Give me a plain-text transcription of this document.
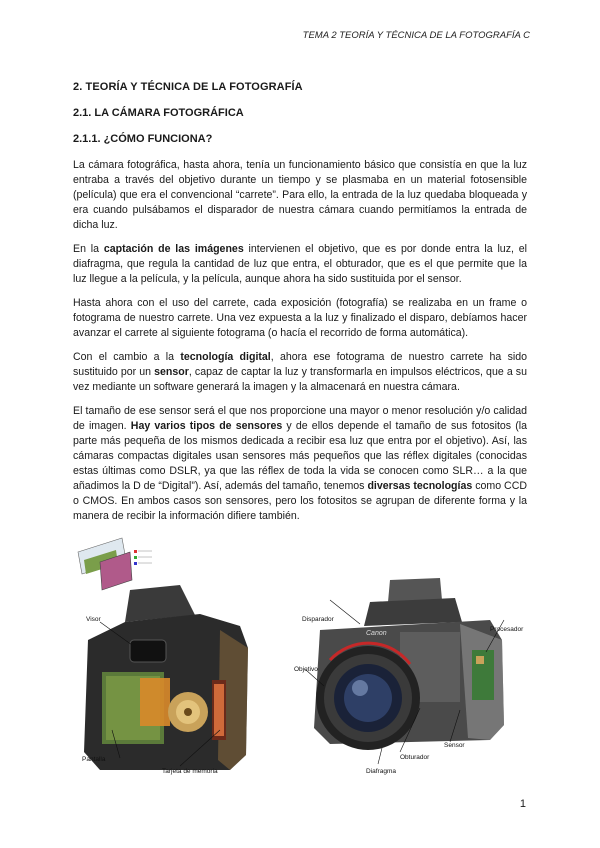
TEMA 2 TEORÍA Y TÉCNICA DE LA FOTOGRAFÍA C
2. TEORÍA Y TÉCNICA DE LA FOTOGRAFÍA
2.1. LA CÁMARA FOTOGRÁFICA
2.1.1. ¿CÓMO FUNCIONA?

La cámara fotográfica, hasta ahora, tenía un funcionamiento básico que consistía en que la luz entraba a través del objetivo durante un tiempo y se plasmaba en un material fotosensible (película) que era el convencional “carrete”. Para ello, la entrada de la luz quedaba bloqueada y era cuando pulsábamos el disparador de nuestra cámara cuando permitíamos la entrada de dicha luz.

En la captación de las imágenes intervienen el objetivo, que es por donde entra la luz, el diafragma, que regula la cantidad de luz que entra, el obturador, que es el que permite que la luz llegue a la película, y la película, aunque ahora ha sido sustituida por el sensor.

Hasta ahora con el uso del carrete, cada exposición (fotografía) se realizaba en un frame o fotograma de nuestro carrete. Una vez expuesta a la luz y finalizado el disparo, debíamos hacer avanzar el carrete al siguiente fotograma (o hacía el recorrido de forma automática).

Con el cambio a la tecnología digital, ahora ese fotograma de nuestro carrete ha sido sustituido por un sensor, capaz de captar la luz y transformarla en impulsos eléctricos, que a su vez mediante un software generará la imagen y la almacenará en nuestra cámara.

El tamaño de ese sensor será el que nos proporcione una mayor o menor resolución y/o calidad de imagen. Hay varios tipos de sensores y de ellos depende el tamaño de sus fotositos (la parte más pequeña de los mismos dedicada a recibir esa luz que entra por el objetivo). Así, las cámaras compactas digitales usan sensores más pequeños que las réflex digitales (conocidas estas últimas como DSLR, ya que las réflex de toda la vida se conocen como SLR… a la que añadimos la D de “Digital”). Así, además del tamaño, tenemos diversas tecnologías como CCD o CMOS. En ambos casos son sensores, pero los fotositos se agrupan de diferente forma y la manera de recibir la información difiere también.

Visor
Pantalla
Tarjeta de memoria
Canon
Disparador
Procesador
Objetivo
Obturador
Sensor
Diafragma
1
